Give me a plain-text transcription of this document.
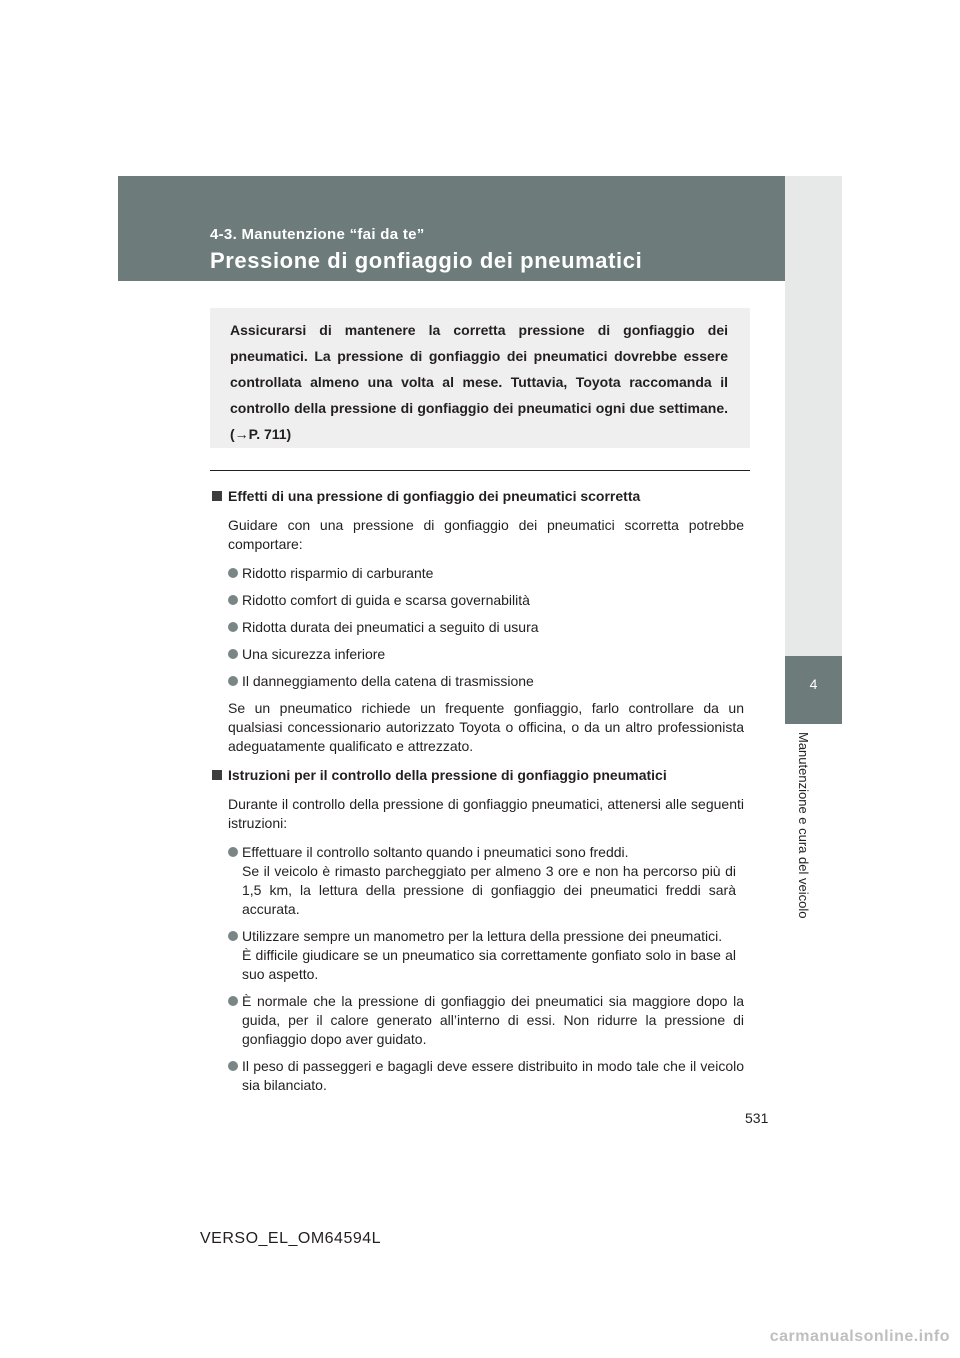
4-3. Manutenzione “fai da te”
Pressione di gonfiaggio dei pneumatici
4
Manutenzione e cura del veicolo
Assicurarsi di mantenere la corretta pressione di gonfiaggio dei pneumatici. La pressione di gonfiaggio dei pneumatici dovrebbe essere controllata almeno una volta al mese. Tuttavia, Toyota raccomanda il controllo della pressione di gonfiaggio dei pneumatici ogni due settimane. (→P. 711)
Effetti di una pressione di gonfiaggio dei pneumatici scorretta
Guidare con una pressione di gonfiaggio dei pneumatici scorretta potrebbe comportare:

Ridotto risparmio di carburante

Ridotto comfort di guida e scarsa governabilità

Ridotta durata dei pneumatici a seguito di usura

Una sicurezza inferiore

Il danneggiamento della catena di trasmissione

Se un pneumatico richiede un frequente gonfiaggio, farlo controllare da un qualsiasi concessionario autorizzato Toyota o officina, o da un altro professionista adeguatamente qualificato e attrezzato.
Istruzioni per il controllo della pressione di gonfiaggio pneumatici
Durante il controllo della pressione di gonfiaggio pneumatici, attenersi alle seguenti istruzioni:

Effettuare il controllo soltanto quando i pneumatici sono freddi.

Se il veicolo è rimasto parcheggiato per almeno 3 ore e non ha percorso più di 1,5 km, la lettura della pressione di gonfiaggio dei pneumatici freddi sarà accurata.

Utilizzare sempre un manometro per la lettura della pressione dei pneumatici.

È difficile giudicare se un pneumatico sia correttamente gonfiato solo in base al suo aspetto.

È normale che la pressione di gonfiaggio dei pneumatici sia maggiore dopo la guida, per il calore generato all’interno di essi. Non ridurre la pressione di gonfiaggio dopo aver guidato.

Il peso di passeggeri e bagagli deve essere distribuito in modo tale che il veicolo sia bilanciato.

531
VERSO_EL_OM64594L
carmanualsonline.info
